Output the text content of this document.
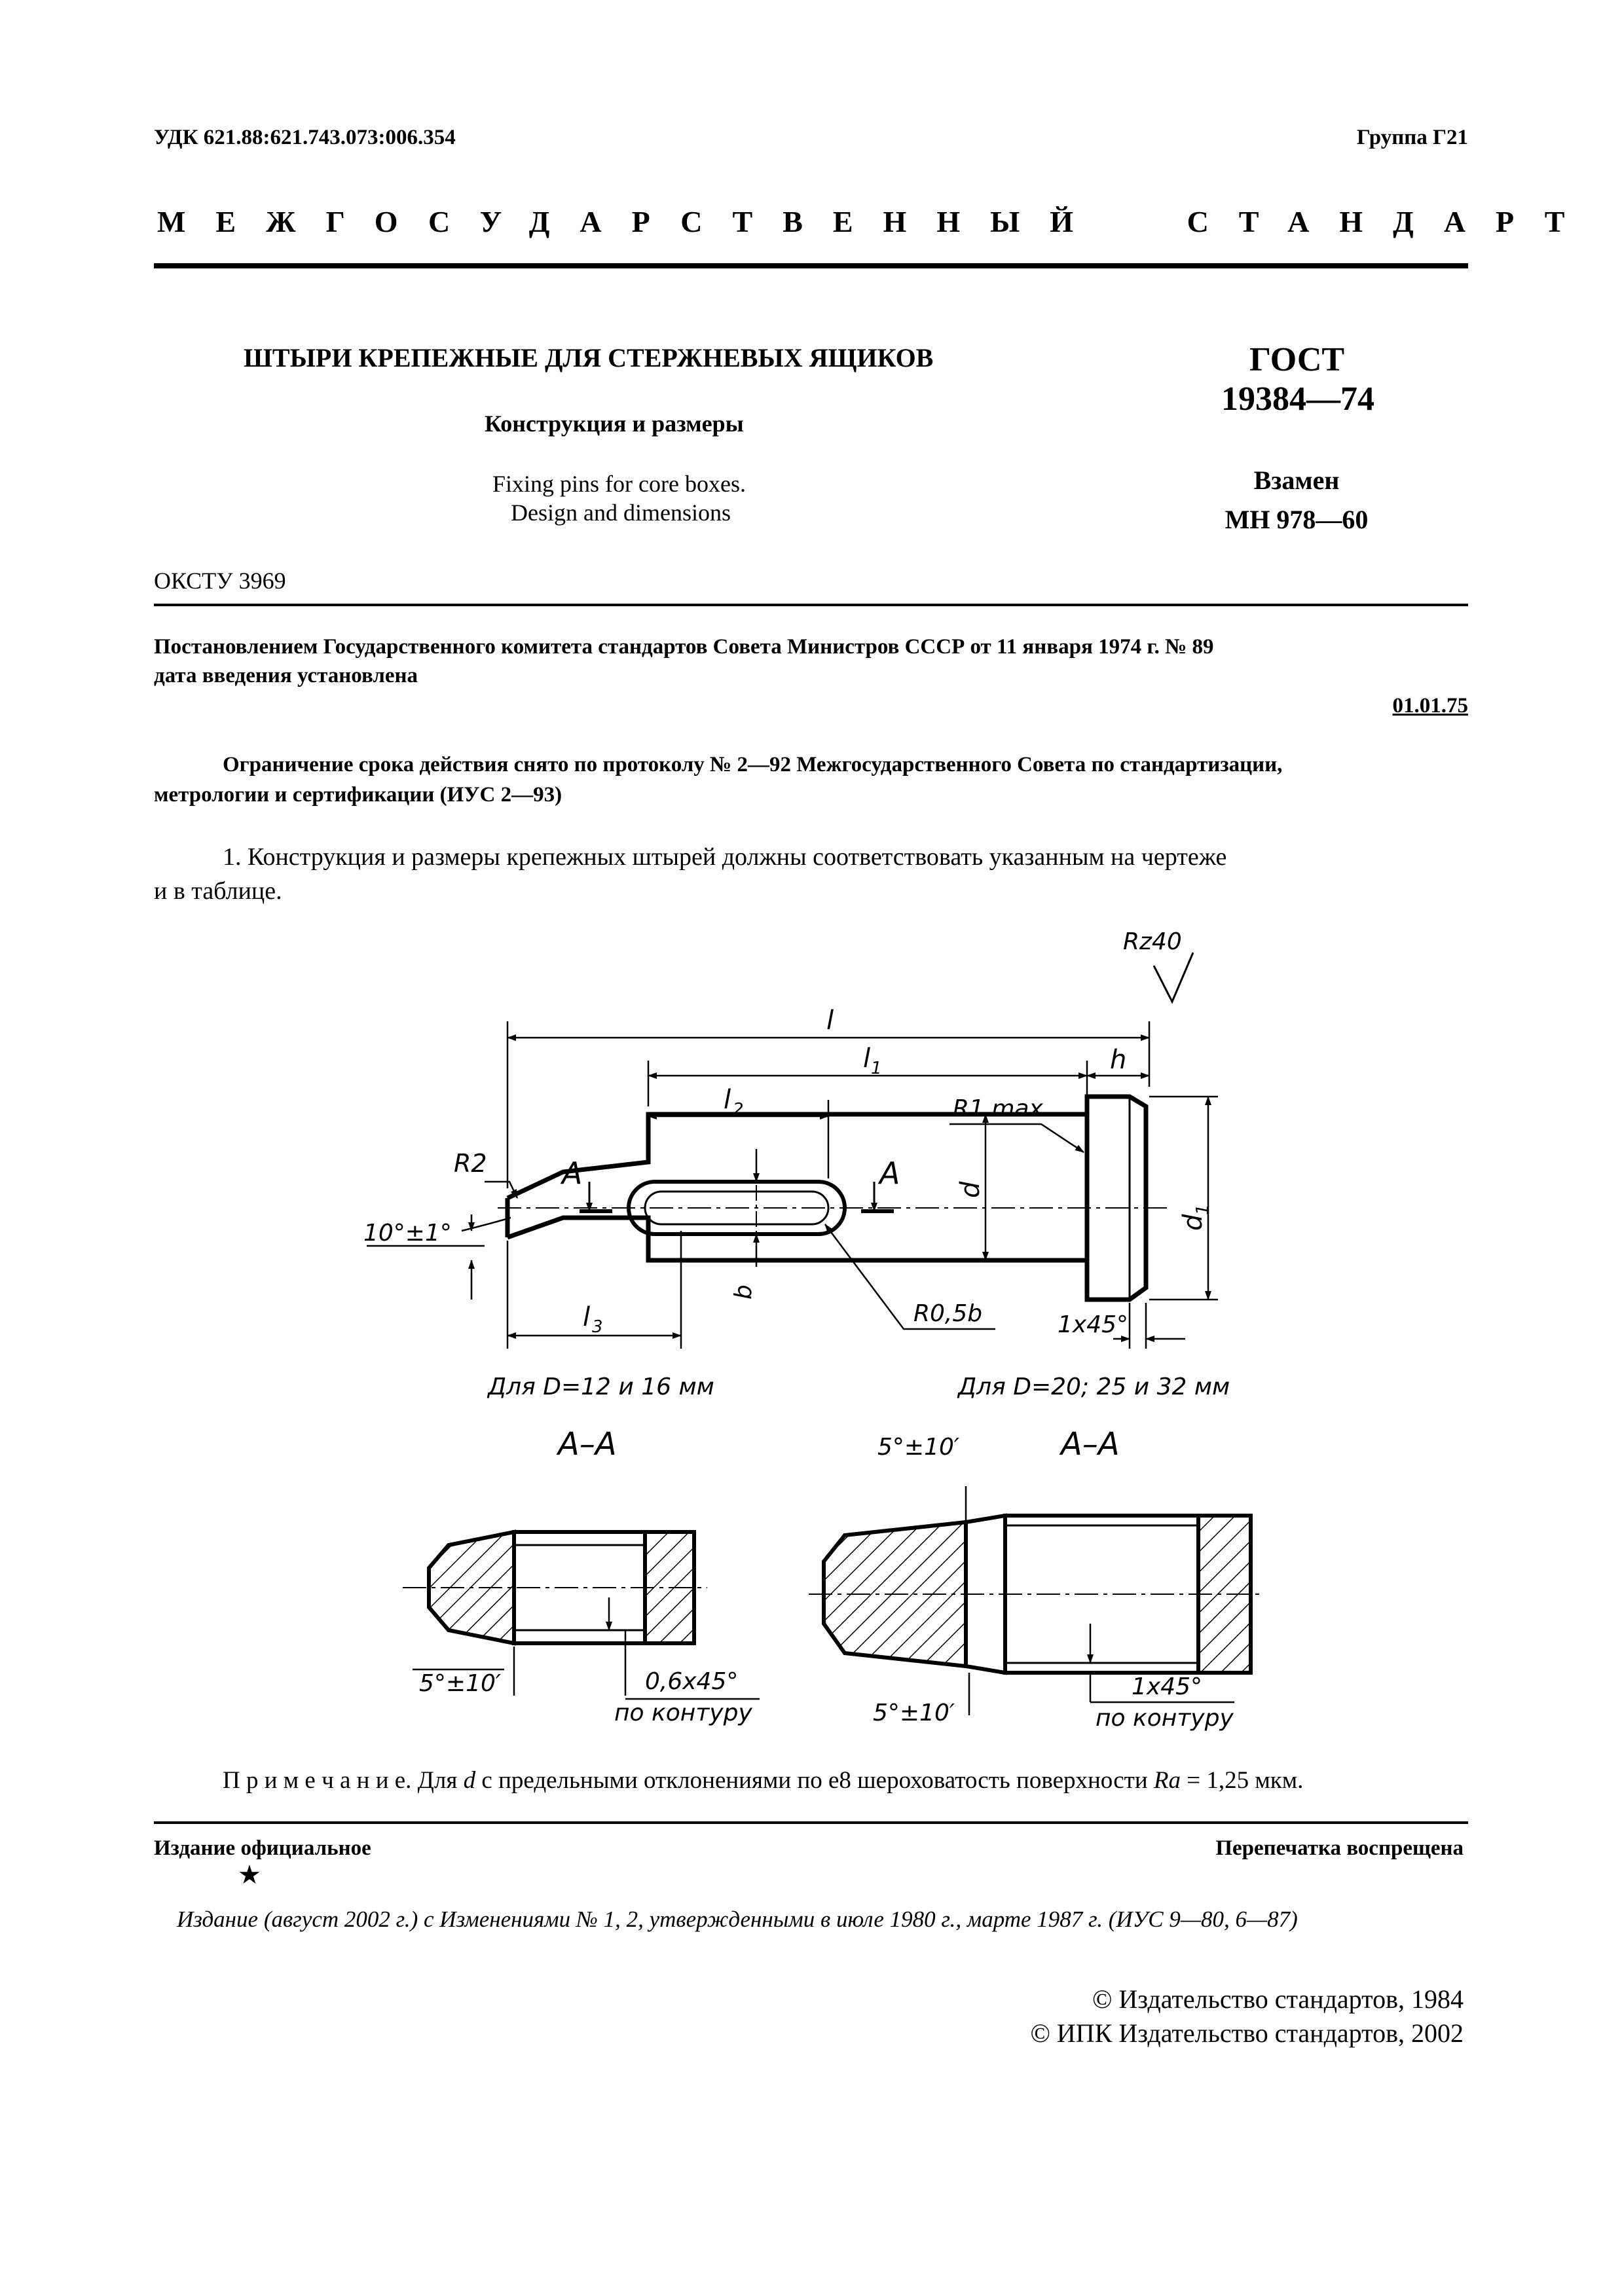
УДК 621.88:621.743.073:006.354	Группа Г21
МЕЖГОСУДАРСТВЕННЫЙ СТАНДАРТ
ШТЫРИ КРЕПЕЖНЫЕ ДЛЯ СТЕРЖНЕВЫХ ЯЩИКОВ
Конструкция и размеры
Fixing pins for core boxes.
Design and dimensions
ГОСТ
19384—74
Взамен
МН 978—60
ОКСТУ 3969
Постановлением Государственного комитета стандартов Совета Министров СССР от 11 января 1974 г. № 89
дата введения установлена
01.01.75
Ограничение срока действия снято по протоколу № 2—92 Межгосударственного Совета по стандартизации,
метрологии и сертификации (ИУС 2—93)
1. Конструкция и размеры крепежных штырей должны соответствовать указанным на чертеже
и в таблице.
Rz40
l
l 1	h
l 2	R1 max
R2 A	A d
d
1
10°±1°
b
l 3	R0,5b	1x45°
Для D=12 и 16 мм	Для D=20; 25 и 32 мм
А–А	А–А
5°±10′	0,6x45°
по контуру
5°±10′
5°±10′
1x45°
по контуру
П р и м е ч а н и е. Для d с предельными отклонениями по е8 шероховатость поверхности Ra = 1,25 мкм.
Издание официальное
★
Перепечатка воспрещена
Издание (август 2002 г.) с Изменениями № 1, 2, утвержденными в июле 1980 г., марте 1987 г. (ИУС 9—80, 6—87)
© Издательство стандартов, 1984
© ИПК Издательство стандартов, 2002
